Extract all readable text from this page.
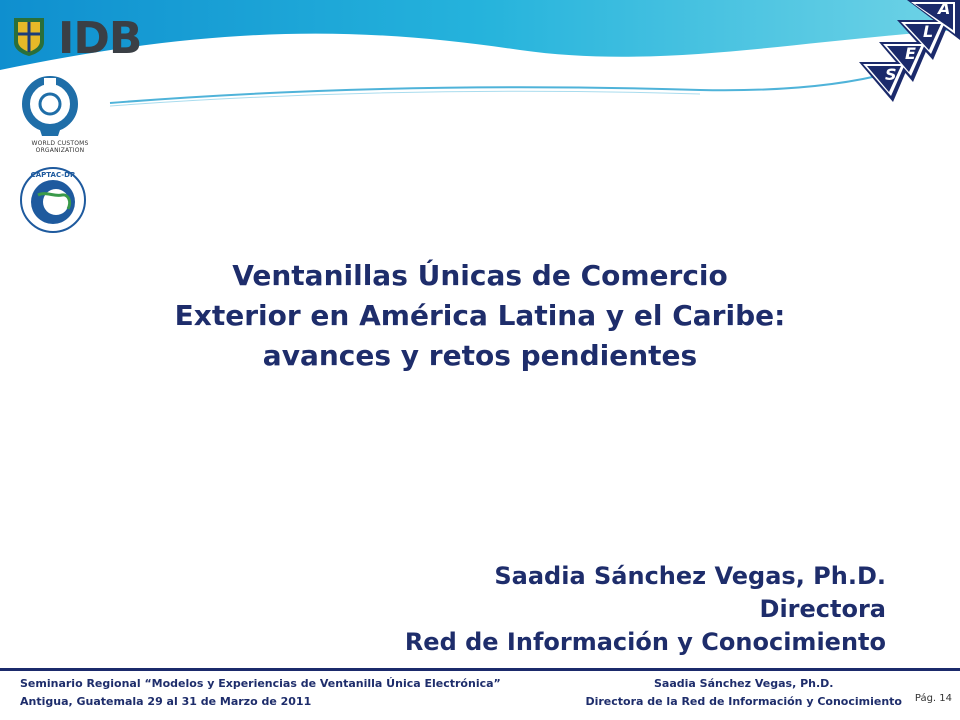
IDB
WORLD CUSTOMS ORGANIZATION
CAPTAC-DR
A
L
E
S
Ventanillas Únicas de Comercio
Exterior en América Latina y el Caribe:
avances y retos pendientes
Saadia Sánchez Vegas, Ph.D.
Directora
Red de Información y Conocimiento
Seminario Regional “Modelos y Experiencias de Ventanilla Única Electrónica”
Antigua, Guatemala 29 al 31 de Marzo de 2011
Saadia Sánchez Vegas, Ph.D.
Directora de la Red de Información y Conocimiento Pág. 14
